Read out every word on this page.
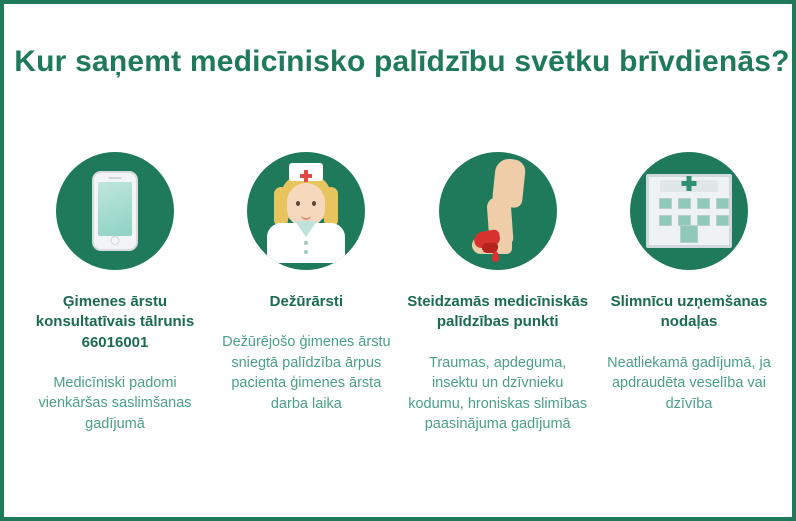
Kur saņemt medicīnisko palīdzību svētku brīvdienās?
Ģimenes ārstu konsultatīvais tālrunis 66016001
Medicīniski padomi vienkāršas saslimšanas gadījumā
Dežūrārsti
Dežūrējošo ģimenes ārstu sniegtā palīdzība ārpus pacienta ģimenes ārsta darba laika
Steidzamās medicīniskās palīdzības punkti
Traumas, apdeguma, insektu un dzīvnieku kodumu, hroniskas slimības paasinājuma gadījumā
Slimnīcu uzņemšanas nodaļas
Neatliekamā gadījumā, ja apdraudēta veselība vai dzīvība
